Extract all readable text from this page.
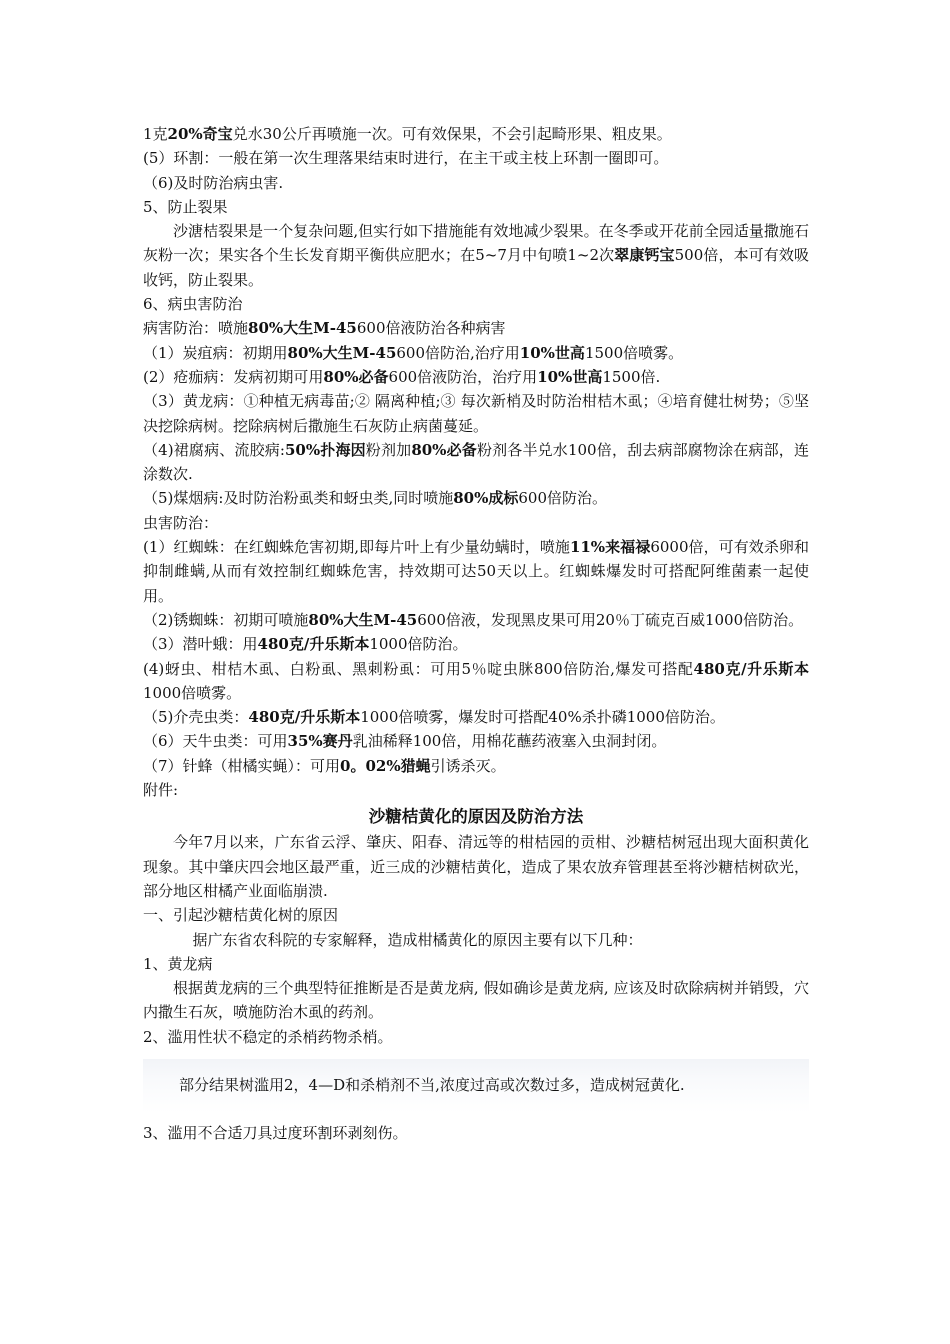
1克20%奇宝兑水30公斤再喷施一次。可有效保果，不会引起畸形果、粗皮果。

(5）环割：一般在第一次生理落果结束时进行，在主干或主枝上环割一圈即可。

（6)及时防治病虫害.

5、防止裂果

沙溏桔裂果是一个复杂问题,但实行如下措施能有效地减少裂果。在冬季或开花前全园适量撒施石灰粉一次；果实各个生长发育期平衡供应肥水；在5~7月中旬喷1~2次翠康钙宝500倍，本可有效吸收钙，防止裂果。

6、病虫害防治

病害防治：喷施80%大生M-45600倍液防治各种病害

（1）炭疽病：初期用80%大生M-45600倍防治,治疗用10%世高1500倍喷雾。

(2）疮痂病：发病初期可用80%必备600倍液防治，治疗用10%世高1500倍.

（3）黄龙病：①种植无病毒苗;② 隔离种植;③ 每次新梢及时防治柑桔木虱；④培育健壮树势；⑤坚决挖除病树。挖除病树后撒施生石灰防止病菌蔓延。

（4)裙腐病、流胶病:50%扑海因粉剂加80%必备粉剂各半兑水100倍，刮去病部腐物涂在病部，连涂数次.

（5)煤烟病:及时防治粉虱类和蚜虫类,同时喷施80%成标600倍防治。

虫害防治：

(1）红蜘蛛：在红蜘蛛危害初期,即每片叶上有少量幼螨时，喷施11%来福禄6000倍，可有效杀卵和抑制雌螨,从而有效控制红蜘蛛危害，持效期可达50天以上。红蜘蛛爆发时可搭配阿维菌素一起使用。

（2)锈蜘蛛：初期可喷施80%大生M-45600倍液，发现黑皮果可用20％丁硫克百威1000倍防治。

（3）潜叶蛾：用480克/升乐斯本1000倍防治。

(4)蚜虫、柑桔木虱、白粉虱、黑刺粉虱：可用5％啶虫脒800倍防治,爆发可搭配480克/升乐斯本1000倍喷雾。

（5)介壳虫类：480克/升乐斯本1000倍喷雾，爆发时可搭配40%杀扑磷1000倍防治。

（6）天牛虫类：可用35%赛丹乳油稀释100倍，用棉花蘸药液塞入虫洞封闭。

（7）针蜂（柑橘实蝇）：可用0。02%猎蝇引诱杀灭。

附件:

沙糖桔黄化的原因及防治方法

今年7月以来，广东省云浮、肇庆、阳春、清远等的柑桔园的贡柑、沙糖桔树冠出现大面积黄化现象。其中肇庆四会地区最严重，近三成的沙糖桔黄化，造成了果农放弃管理甚至将沙糖桔树砍光，部分地区柑橘产业面临崩溃.

一、引起沙糖桔黄化树的原因

据广东省农科院的专家解释，造成柑橘黄化的原因主要有以下几种：

1、黄龙病

根据黄龙病的三个典型特征推断是否是黄龙病, 假如确诊是黄龙病, 应该及时砍除病树并销毁，穴内撒生石灰，喷施防治木虱的药剂。

2、滥用性状不稳定的杀梢药物杀梢。

部分结果树滥用2，4—D和杀梢剂不当,浓度过高或次数过多，造成树冠黄化.

3、滥用不合适刀具过度环割环剥刻伤。
